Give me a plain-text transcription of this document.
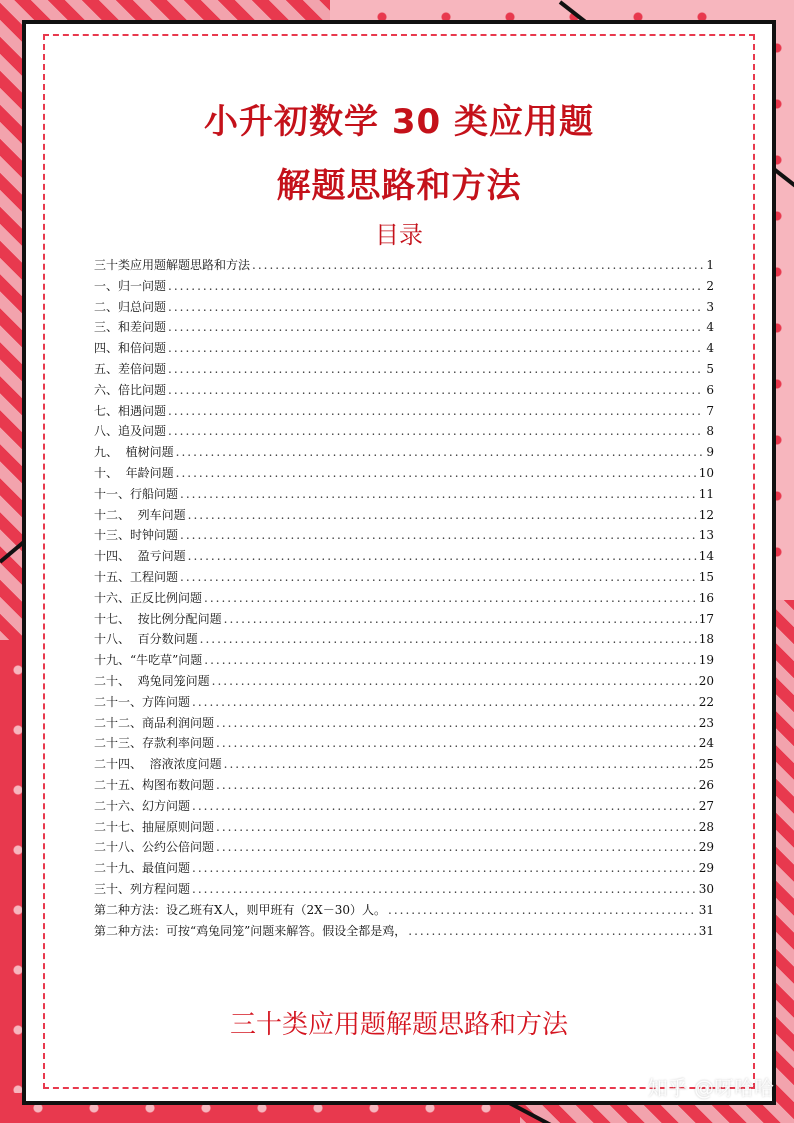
小升初数学 30 类应用题
解题思路和方法
目录
三十类应用题解题思路和方法 .....	1
一、归一问题 .....	2
二、归总问题 .....	3
三、和差问题 .....	4
四、和倍问题 .....	4
五、差倍问题 .....	5
六、倍比问题 .....	6
七、相遇问题 .....	7
八、追及问题 .....	8
九、  植树问题 .....	9
十、  年龄问题 .....	10
十一、行船问题 .....	11
十二、  列车问题 .....	12
十三、时钟问题 .....	13
十四、  盈亏问题 .....	14
十五、工程问题 .....	15
十六、正反比例问题 .....	16
十七、  按比例分配问题 .....	17
十八、  百分数问题 .....	18
十九、“牛吃草”问题 .....	19
二十、  鸡兔同笼问题 .....	20
二十一、方阵问题 .....	22
二十二、商品利润问题 .....	23
二十三、存款利率问题 .....	24
二十四、  溶液浓度问题 .....	25
二十五、构图布数问题 .....	26
二十六、幻方问题 .....	27
二十七、抽屉原则问题 .....	28
二十八、公约公倍问题 .....	29
二十九、最值问题 .....	29
三十、列方程问题 .....	30
第二种方法：设乙班有X人，则甲班有（2X－30）人。 .....	31
第二种方法：可按“鸡兔同笼”问题来解答。假设全都是鸡， .....	31
三十类应用题解题思路和方法
知乎 @呀哈哈
